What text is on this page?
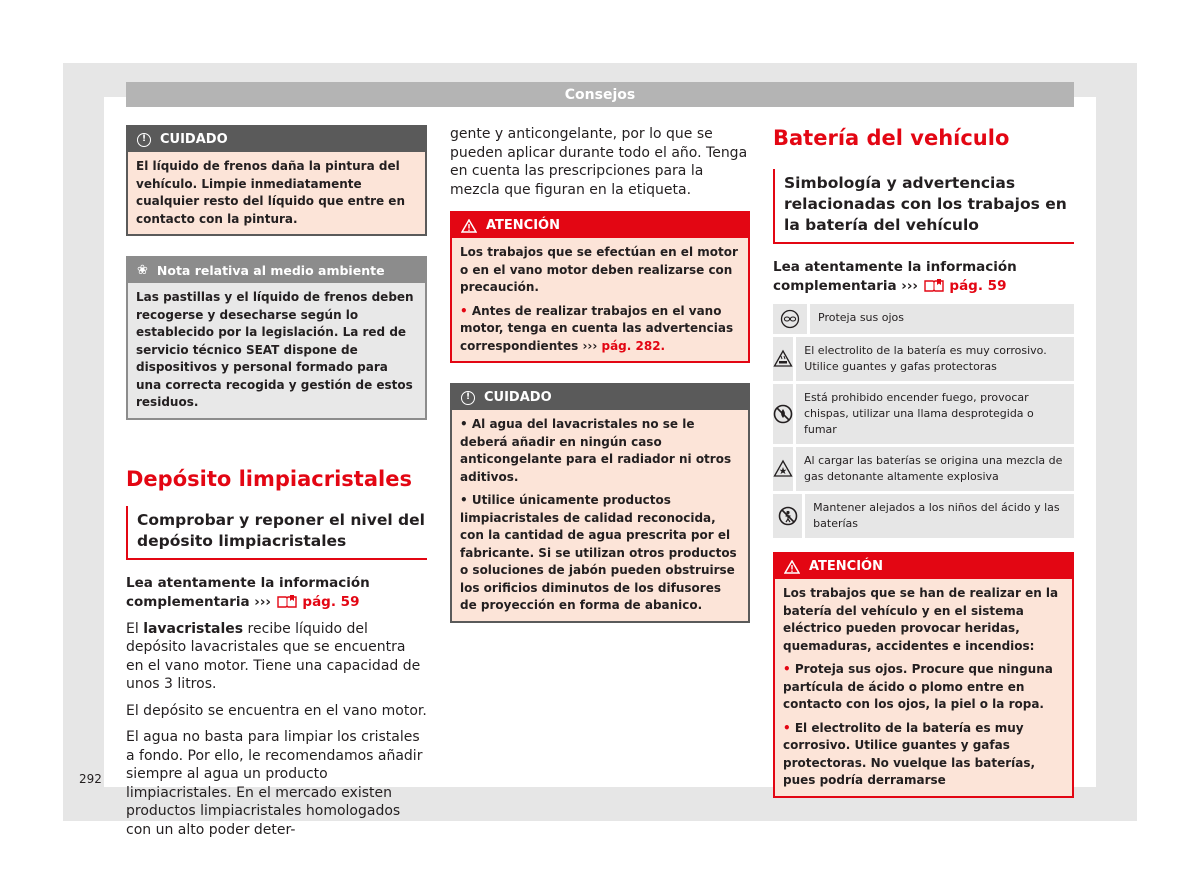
Consejos
292
!	CUIDADO

El líquido de frenos daña la pintura del vehículo. Limpie inmediatamente cualquier resto del líquido que entre en contacto con la pintura.

❀ Nota relativa al medio ambiente

Las pastillas y el líquido de frenos deben recogerse y desecharse según lo establecido por la legislación. La red de servicio técnico SEAT dispone de dispositivos y personal formado para una correcta recogida y gestión de estos residuos.

Depósito limpiacristales
Comprobar y reponer el nivel del depósito limpiacristales

Lea atentamente la información complementaria ››› pág. 59

El lavacristales recibe líquido del depósito lavacristales que se encuentra en el vano motor. Tiene una capacidad de unos 3 litros.

El depósito se encuentra en el vano motor.

El agua no basta para limpiar los cristales a fondo. Por ello, le recomendamos añadir siempre al agua un producto limpiacristales. En el mercado existen productos limpiacristales homologados con un alto poder deter-

gente y anticongelante, por lo que se pueden aplicar durante todo el año. Tenga en cuenta las prescripciones para la mezcla que figuran en la etiqueta.

ATENCIÓN

Los trabajos que se efectúan en el motor o en el vano motor deben realizarse con precaución.

• Antes de realizar trabajos en el vano motor, tenga en cuenta las advertencias correspondientes ››› pág. 282.

!	CUIDADO

• Al agua del lavacristales no se le deberá añadir en ningún caso anticongelante para el radiador ni otros aditivos.

• Utilice únicamente productos limpiacristales de calidad reconocida, con la cantidad de agua prescrita por el fabricante. Si se utilizan otros productos o soluciones de jabón pueden obstruirse los orificios diminutos de los difusores de proyección en forma de abanico.

Batería del vehículo
Simbología y advertencias relacionadas con los trabajos en la batería del vehículo

Lea atentamente la información complementaria ››› pág. 59

Proteja sus ojos
El electrolito de la batería es muy corrosivo. Utilice guantes y gafas protectoras
Está prohibido encender fuego, provocar chispas, utilizar una llama desprotegida o fumar
Al cargar las baterías se origina una mezcla de gas detonante altamente explosiva
Mantener alejados a los niños del ácido y las baterías
ATENCIÓN

Los trabajos que se han de realizar en la batería del vehículo y en el sistema eléctrico pueden provocar heridas, quemaduras, accidentes e incendios:

• Proteja sus ojos. Procure que ninguna partícula de ácido o plomo entre en contacto con los ojos, la piel o la ropa.

• El electrolito de la batería es muy corrosivo. Utilice guantes y gafas protectoras. No vuelque las baterías, pues podría derramarse
